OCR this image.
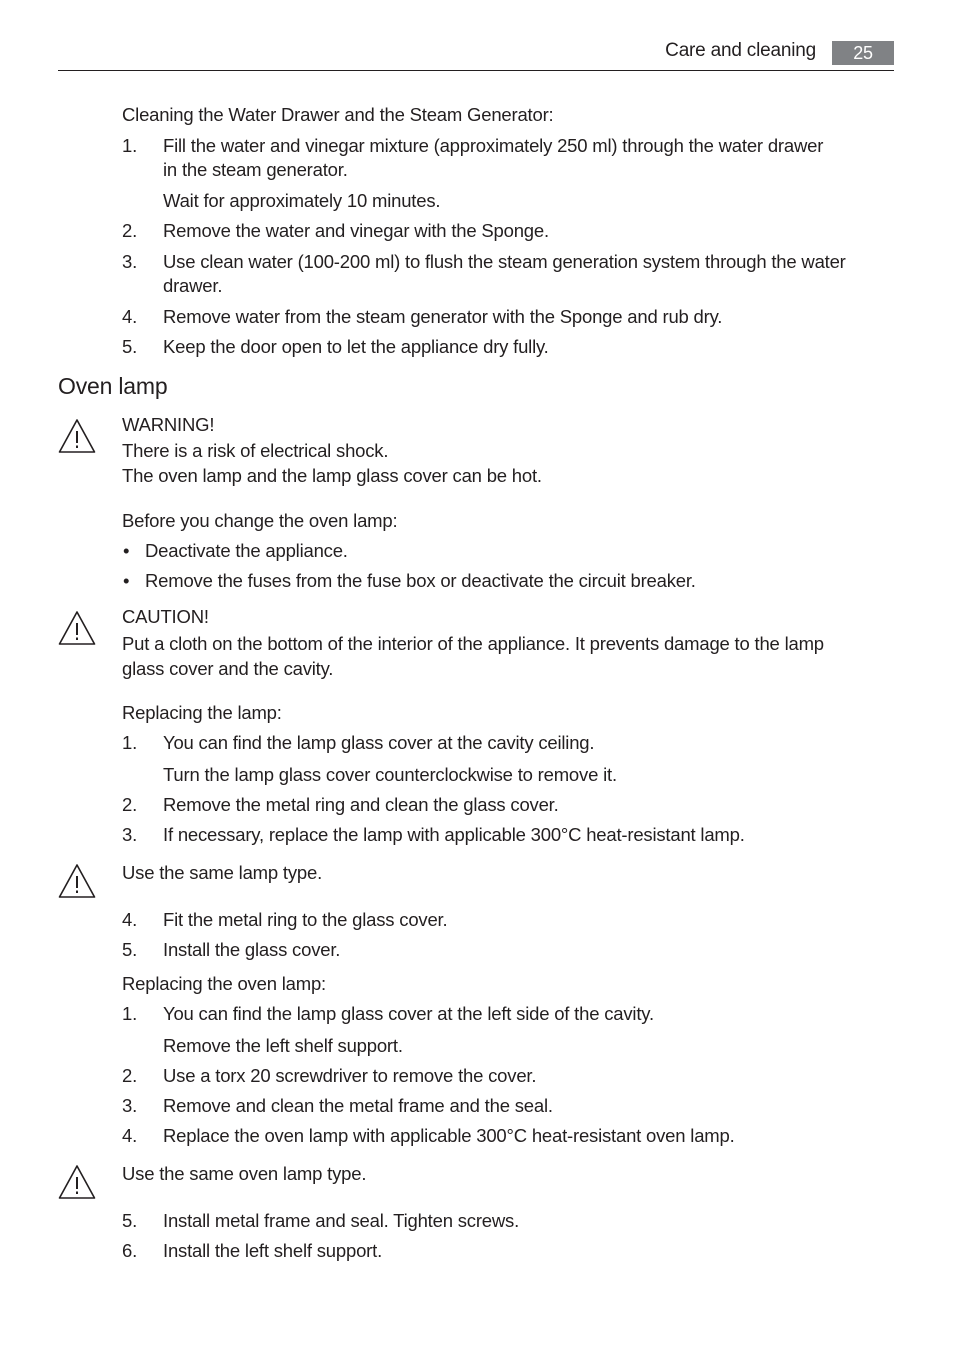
Care and cleaning	25
Cleaning the Water Drawer and the Steam Generator:
1.	Fill the water and vinegar mixture (approximately 250 ml) through the water drawer
in the steam generator.
Wait for approximately 10 minutes.
2.	Remove the water and vinegar with the Sponge.
3.	Use clean water (100-200 ml) to flush the steam generation system through the water
drawer.
4.	Remove water from the steam generator with the Sponge and rub dry.
5.	Keep the door open to let the appliance dry fully.
Oven lamp
WARNING!
There is a risk of electrical shock.
The oven lamp and the lamp glass cover can be hot.
Before you change the oven lamp:
• Deactivate the appliance.
• Remove the fuses from the fuse box or deactivate the circuit breaker.
CAUTION!
Put a cloth on the bottom of the interior of the appliance. It prevents damage to the lamp
glass cover and the cavity.
Replacing the lamp:
1.	You can find the lamp glass cover at the cavity ceiling.
Turn the lamp glass cover counterclockwise to remove it.
2.	Remove the metal ring and clean the glass cover.
3.	If necessary, replace the lamp with applicable 300°C heat-resistant lamp.
Use the same lamp type.
4.	Fit the metal ring to the glass cover.
5.	Install the glass cover.
Replacing the oven lamp:
1.	You can find the lamp glass cover at the left side of the cavity.
Remove the left shelf support.
2.	Use a torx 20 screwdriver to remove the cover.
3.	Remove and clean the metal frame and the seal.
4.	Replace the oven lamp with applicable 300°C heat-resistant oven lamp.
Use the same oven lamp type.
5.	Install metal frame and seal. Tighten screws.
6.	Install the left shelf support.
